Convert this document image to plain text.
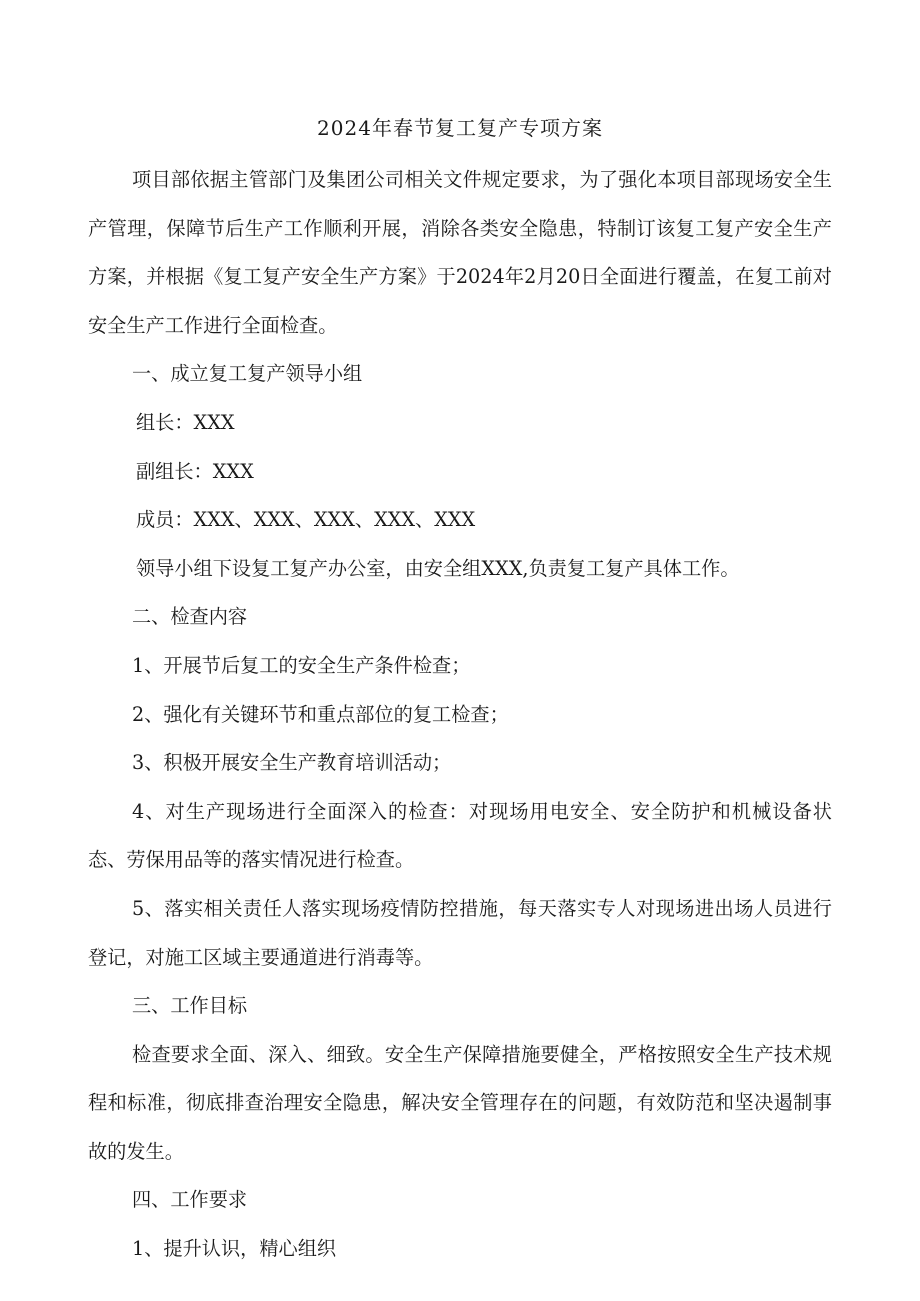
2024年春节复工复产专项方案

项目部依据主管部门及集团公司相关文件规定要求，为了强化本项目部现场安全生产管理，保障节后生产工作顺利开展，消除各类安全隐患，特制订该复工复产安全生产方案，并根据《复工复产安全生产方案》于2024年2月20日全面进行覆盖，在复工前对安全生产工作进行全面检查。

一、成立复工复产领导小组

组长：XXX

副组长：XXX

成员：XXX、XXX、XXX、XXX、XXX

领导小组下设复工复产办公室，由安全组XXX,负责复工复产具体工作。

二、检查内容

1、开展节后复工的安全生产条件检查；

2、强化有关键环节和重点部位的复工检查；

3、积极开展安全生产教育培训活动；

4、对生产现场进行全面深入的检查：对现场用电安全、安全防护和机械设备状态、劳保用品等的落实情况进行检查。

5、落实相关责任人落实现场疫情防控措施，每天落实专人对现场进出场人员进行登记，对施工区域主要通道进行消毒等。

三、工作目标

检查要求全面、深入、细致。安全生产保障措施要健全，严格按照安全生产技术规程和标准，彻底排查治理安全隐患，解决安全管理存在的问题，有效防范和坚决遏制事故的发生。

四、工作要求

1、提升认识，精心组织
